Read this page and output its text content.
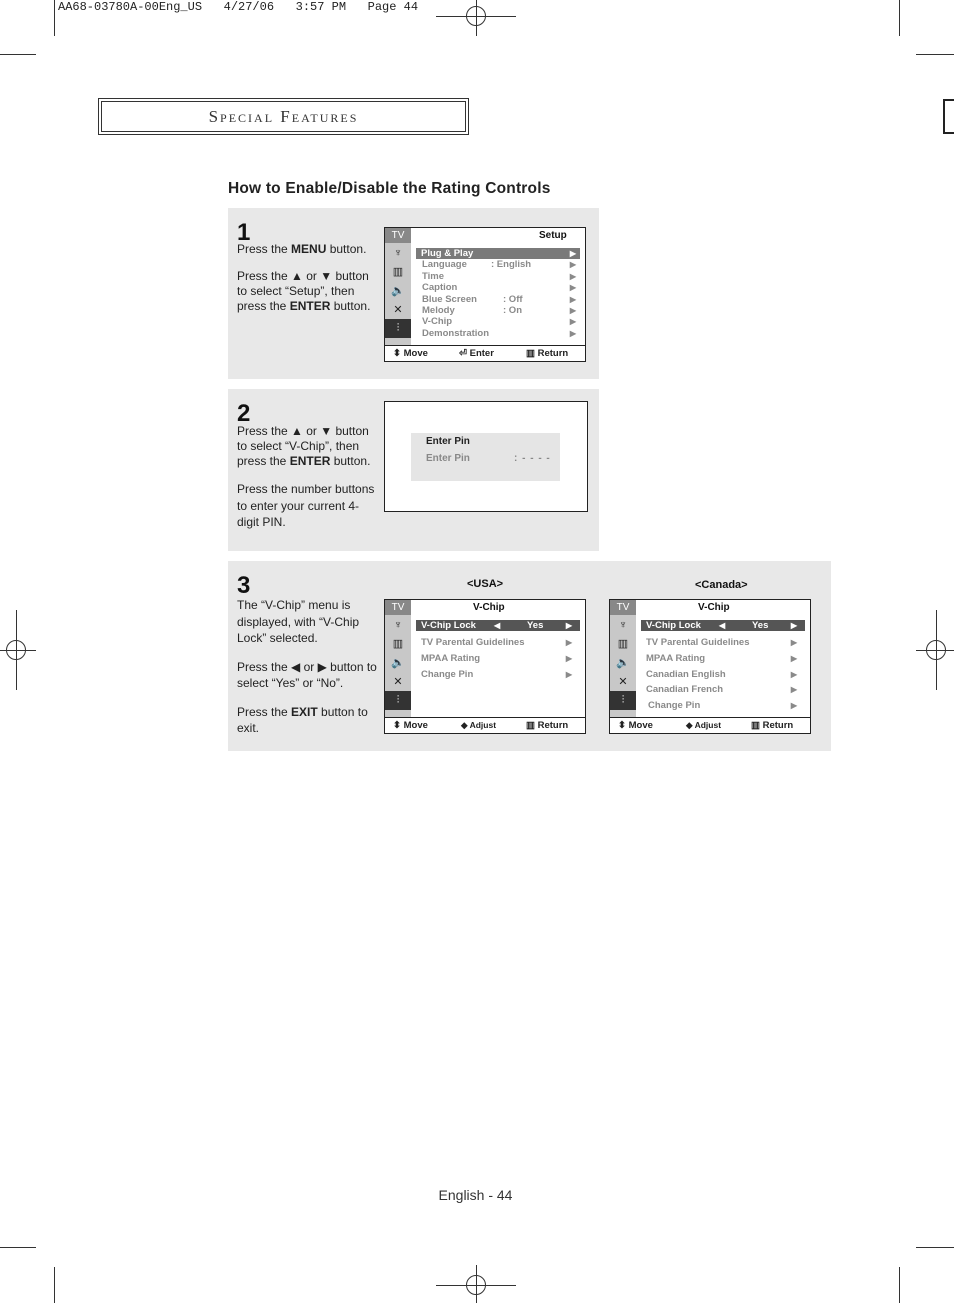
AA68-03780A-00Eng_US   4/27/06   3:57 PM   Page 44
Special Features
How to Enable/Disable the Rating Controls
1

Press the MENU button.

Press the ▲ or ▼ button to select “Setup”, then press the ENTER button.

TV	Setup
♆
▥
🔈
✕
⫶
Plug & Play	▶
Language	: English	▶
Time	▶
Caption	▶
Blue Screen	: Off	▶
Melody	: On	▶
V-Chip	▶
Demonstration	▶
⬍ Move	⏎ Enter	▥ Return
2

Press the ▲ or ▼ button to select “V-Chip”, then press the ENTER button.

Press the number buttons to enter your current 4-digit PIN.

Enter Pin
Enter Pin	: - - - -
3

The “V-Chip” menu is displayed, with “V-Chip Lock” selected.

Press the ◀ or ▶ button to select “Yes” or “No”.

Press the EXIT button to exit.

<USA>	<Canada>
TV	V-Chip
♆
▥
🔈
✕
⫶
V-Chip Lock ◀	Yes	▶
TV Parental Guidelines	▶
MPAA Rating	▶
Change Pin	▶
⬍ Move	◆ Adjust	▥ Return
TV	V-Chip
♆
▥
🔈
✕
⫶
V-Chip Lock ◀	Yes	▶
TV Parental Guidelines	▶
MPAA Rating	▶
Canadian English	▶
Canadian French	▶
Change Pin	▶
⬍ Move	◆ Adjust	▥ Return
English - 44
